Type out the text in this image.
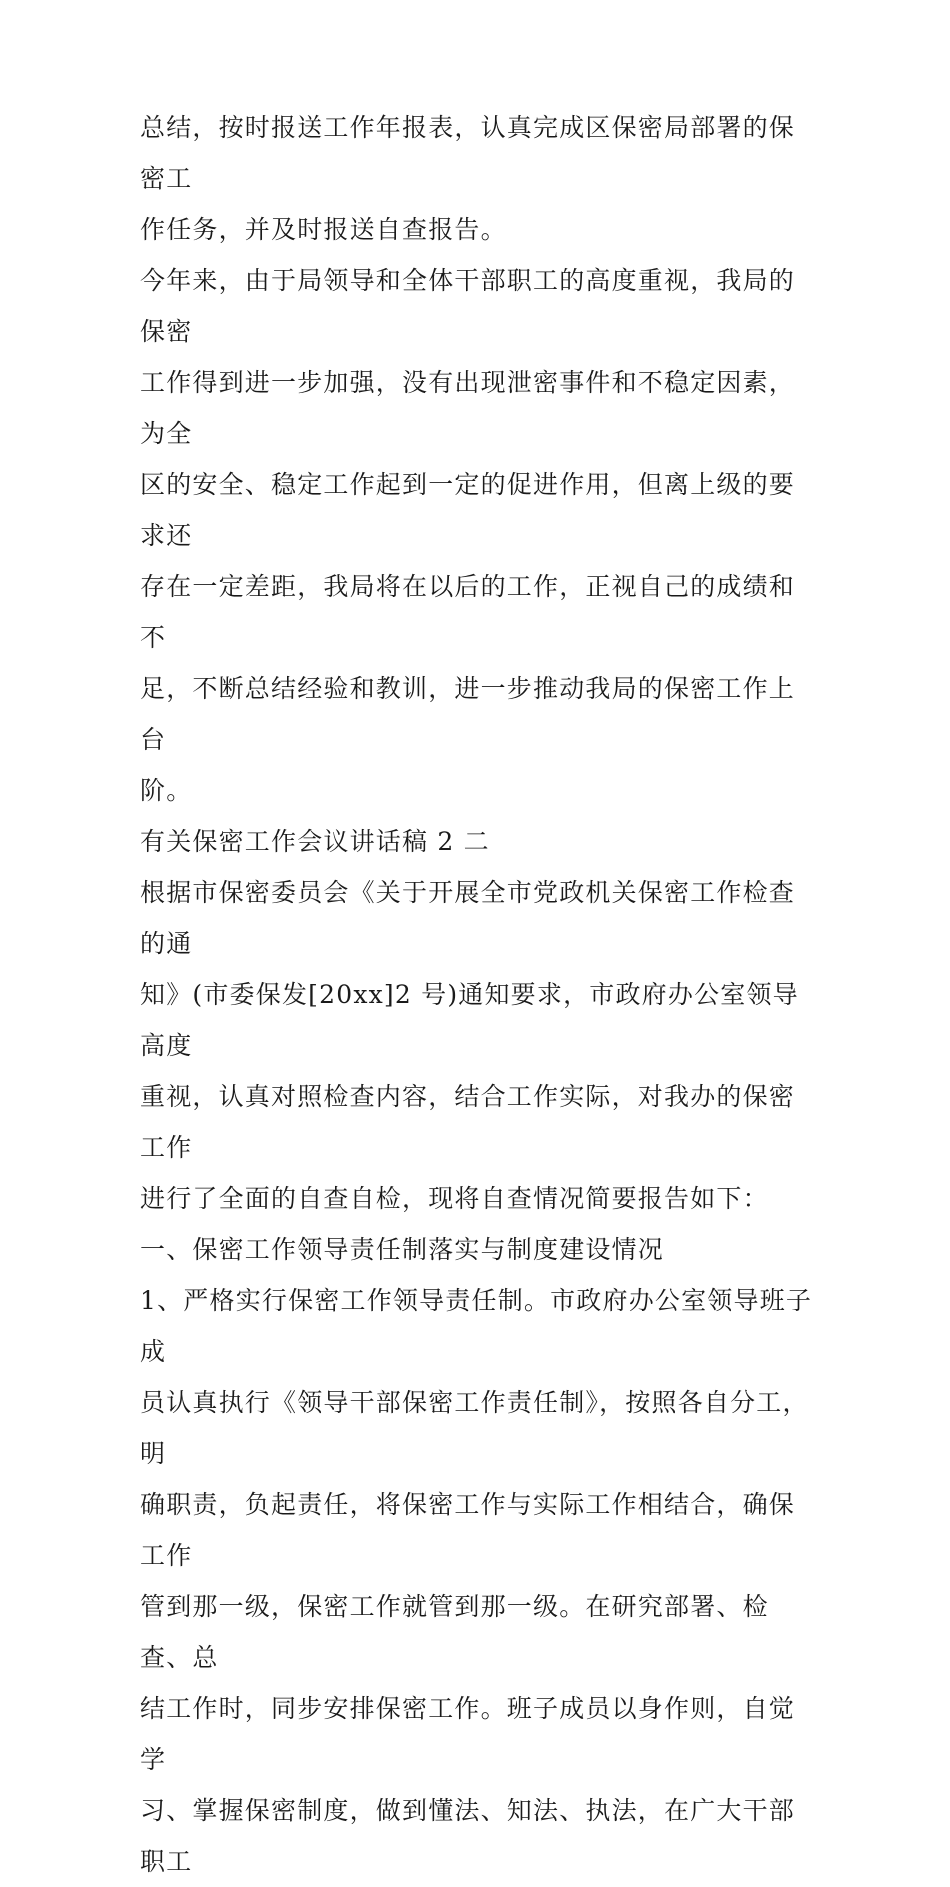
总结，按时报送工作年报表，认真完成区保密局部署的保密工
作任务，并及时报送自查报告。

今年来，由于局领导和全体干部职工的高度重视，我局的保密
工作得到进一步加强，没有出现泄密事件和不稳定因素，为全
区的安全、稳定工作起到一定的促进作用，但离上级的要求还
存在一定差距，我局将在以后的工作，正视自己的成绩和不
足，不断总结经验和教训，进一步推动我局的保密工作上台
阶。

有关保密工作会议讲话稿 2 二

根据市保密委员会《关于开展全市党政机关保密工作检查的通
知》(市委保发[20xx]2 号)通知要求，市政府办公室领导高度
重视，认真对照检查内容，结合工作实际，对我办的保密工作
进行了全面的自查自检，现将自查情况简要报告如下：

一、保密工作领导责任制落实与制度建设情况

1、严格实行保密工作领导责任制。市政府办公室领导班子成
员认真执行《领导干部保密工作责任制》，按照各自分工，明
确职责，负起责任，将保密工作与实际工作相结合，确保工作
管到那一级，保密工作就管到那一级。在研究部署、检查、总
结工作时，同步安排保密工作。班子成员以身作则，自觉学
习、掌握保密制度，做到懂法、知法、执法，在广大干部职工
